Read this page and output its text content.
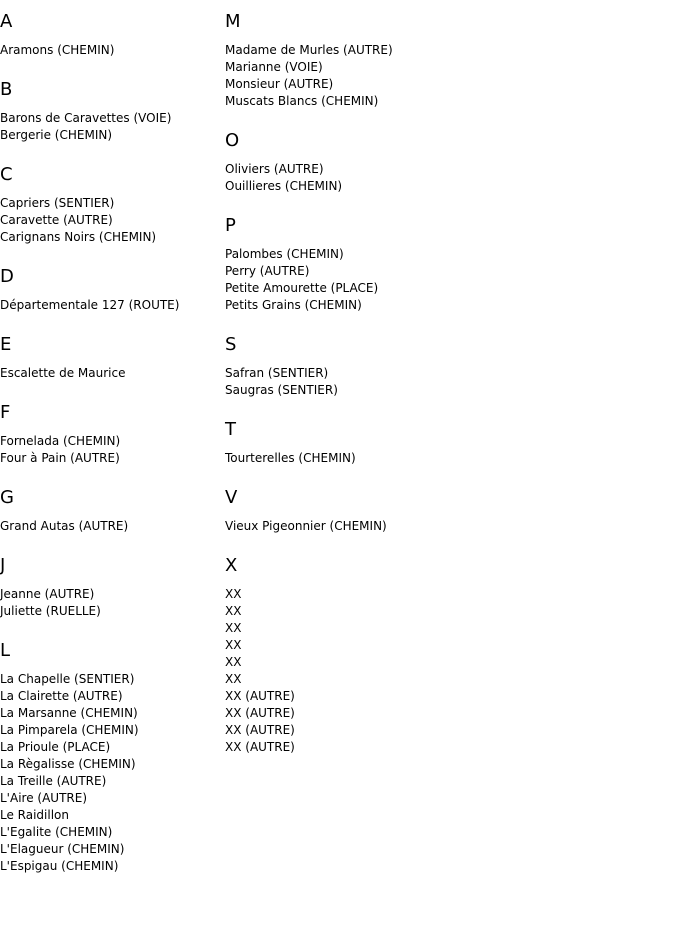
A
Aramons (CHEMIN)
B
Barons de Caravettes (VOIE)
Bergerie (CHEMIN)
C
Capriers (SENTIER)
Caravette (AUTRE)
Carignans Noirs (CHEMIN)
D
Départementale 127 (ROUTE)
E
Escalette de Maurice
F
Fornelada (CHEMIN)
Four à Pain (AUTRE)
G
Grand Autas (AUTRE)
J
Jeanne (AUTRE)
Juliette (RUELLE)
L
La Chapelle (SENTIER)
La Clairette (AUTRE)
La Marsanne (CHEMIN)
La Pimparela (CHEMIN)
La Prioule (PLACE)
La Règalisse (CHEMIN)
La Treille (AUTRE)
L'Aire (AUTRE)
Le Raidillon
L'Egalite (CHEMIN)
L'Elagueur (CHEMIN)
L'Espigau (CHEMIN)
M
Madame de Murles (AUTRE)
Marianne (VOIE)
Monsieur (AUTRE)
Muscats Blancs (CHEMIN)
O
Oliviers (AUTRE)
Ouillieres (CHEMIN)
P
Palombes (CHEMIN)
Perry (AUTRE)
Petite Amourette (PLACE)
Petits Grains (CHEMIN)
S
Safran (SENTIER)
Saugras (SENTIER)
T
Tourterelles (CHEMIN)
V
Vieux Pigeonnier (CHEMIN)
X
XX
XX
XX
XX
XX
XX
XX (AUTRE)
XX (AUTRE)
XX (AUTRE)
XX (AUTRE)
